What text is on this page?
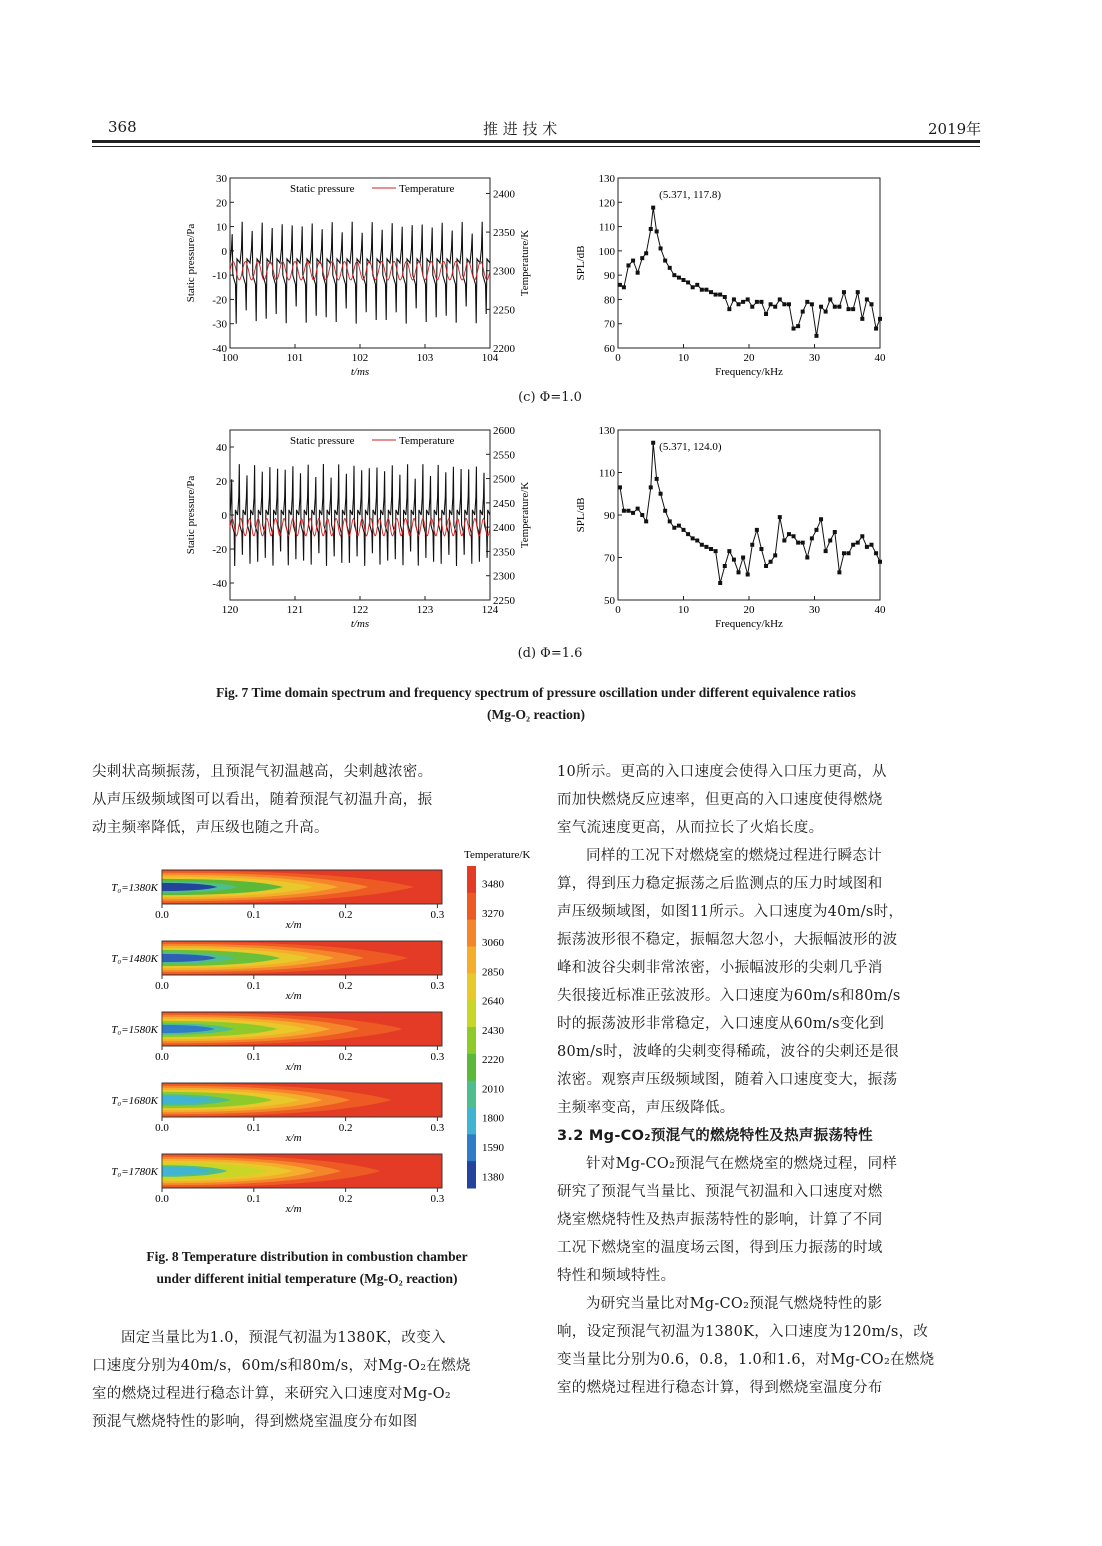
368	推 进 技 术	2019年
100	101	102	103	104
-40
-30
-20
-10
0
10
20
30
2200
2250
2300
2350
2400
t/ms
Static pressure/Pa	Temperature/K
Static pressure	Temperature
0	10	20	30	40
60
70
80
90
100
110
120
130
Frequency/kHz
SPL/dB
(5.371, 117.8)
(c) Φ=1.0
120	121	122	123	124
-40
-20
0
20
40
2250
2300
2350
2400
2450
2500
2550
2600
t/ms
Static pressure/Pa	Temperature/K
Static pressure	Temperature
0	10	20	30	40
50
70
90
110
130
Frequency/kHz
SPL/dB
(5.371, 124.0)
(d) Φ=1.6
Fig. 7 Time domain spectrum and frequency spectrum of pressure oscillation under different equivalence ratios
(Mg-O₂ reaction)

尖刺状高频振荡，且预混气初温越高，尖刺越浓密。

从声压级频域图可以看出，随着预混气初温升高，振

动主频率降低，声压级也随之升高。

T₀=1380K
0.0	0.1	0.2	0.3
x/m
T₀=1480K
0.0	0.1	0.2	0.3
x/m
T₀=1580K
0.0	0.1	0.2	0.3
x/m
T₀=1680K
0.0	0.1	0.2	0.3
x/m
T₀=1780K
0.0	0.1	0.2	0.3
x/m
Temperature/K
3480
3270
3060
2850
2640
2430
2220
2010
1800
1590
1380
Fig. 8 Temperature distribution in combustion chamber
under different initial temperature (Mg-O₂ reaction)

固定当量比为1.0，预混气初温为1380K，改变入

口速度分别为40m/s，60m/s和80m/s，对Mg-O₂在燃烧

室的燃烧过程进行稳态计算，来研究入口速度对Mg-O₂

预混气燃烧特性的影响，得到燃烧室温度分布如图

10所示。更高的入口速度会使得入口压力更高，从

而加快燃烧反应速率，但更高的入口速度使得燃烧

室气流速度更高，从而拉长了火焰长度。

同样的工况下对燃烧室的燃烧过程进行瞬态计

算，得到压力稳定振荡之后监测点的压力时域图和

声压级频域图，如图11所示。入口速度为40m/s时，

振荡波形很不稳定，振幅忽大忽小，大振幅波形的波

峰和波谷尖刺非常浓密，小振幅波形的尖刺几乎消

失很接近标准正弦波形。入口速度为60m/s和80m/s

时的振荡波形非常稳定，入口速度从60m/s变化到

80m/s时，波峰的尖刺变得稀疏，波谷的尖刺还是很

浓密。观察声压级频域图，随着入口速度变大，振荡

主频率变高，声压级降低。

3.2 Mg-CO₂预混气的燃烧特性及热声振荡特性

针对Mg-CO₂预混气在燃烧室的燃烧过程，同样

研究了预混气当量比、预混气初温和入口速度对燃

烧室燃烧特性及热声振荡特性的影响，计算了不同

工况下燃烧室的温度场云图，得到压力振荡的时域

特性和频域特性。

为研究当量比对Mg-CO₂预混气燃烧特性的影

响，设定预混气初温为1380K，入口速度为120m/s，改

变当量比分别为0.6，0.8，1.0和1.6，对Mg-CO₂在燃烧

室的燃烧过程进行稳态计算，得到燃烧室温度分布
